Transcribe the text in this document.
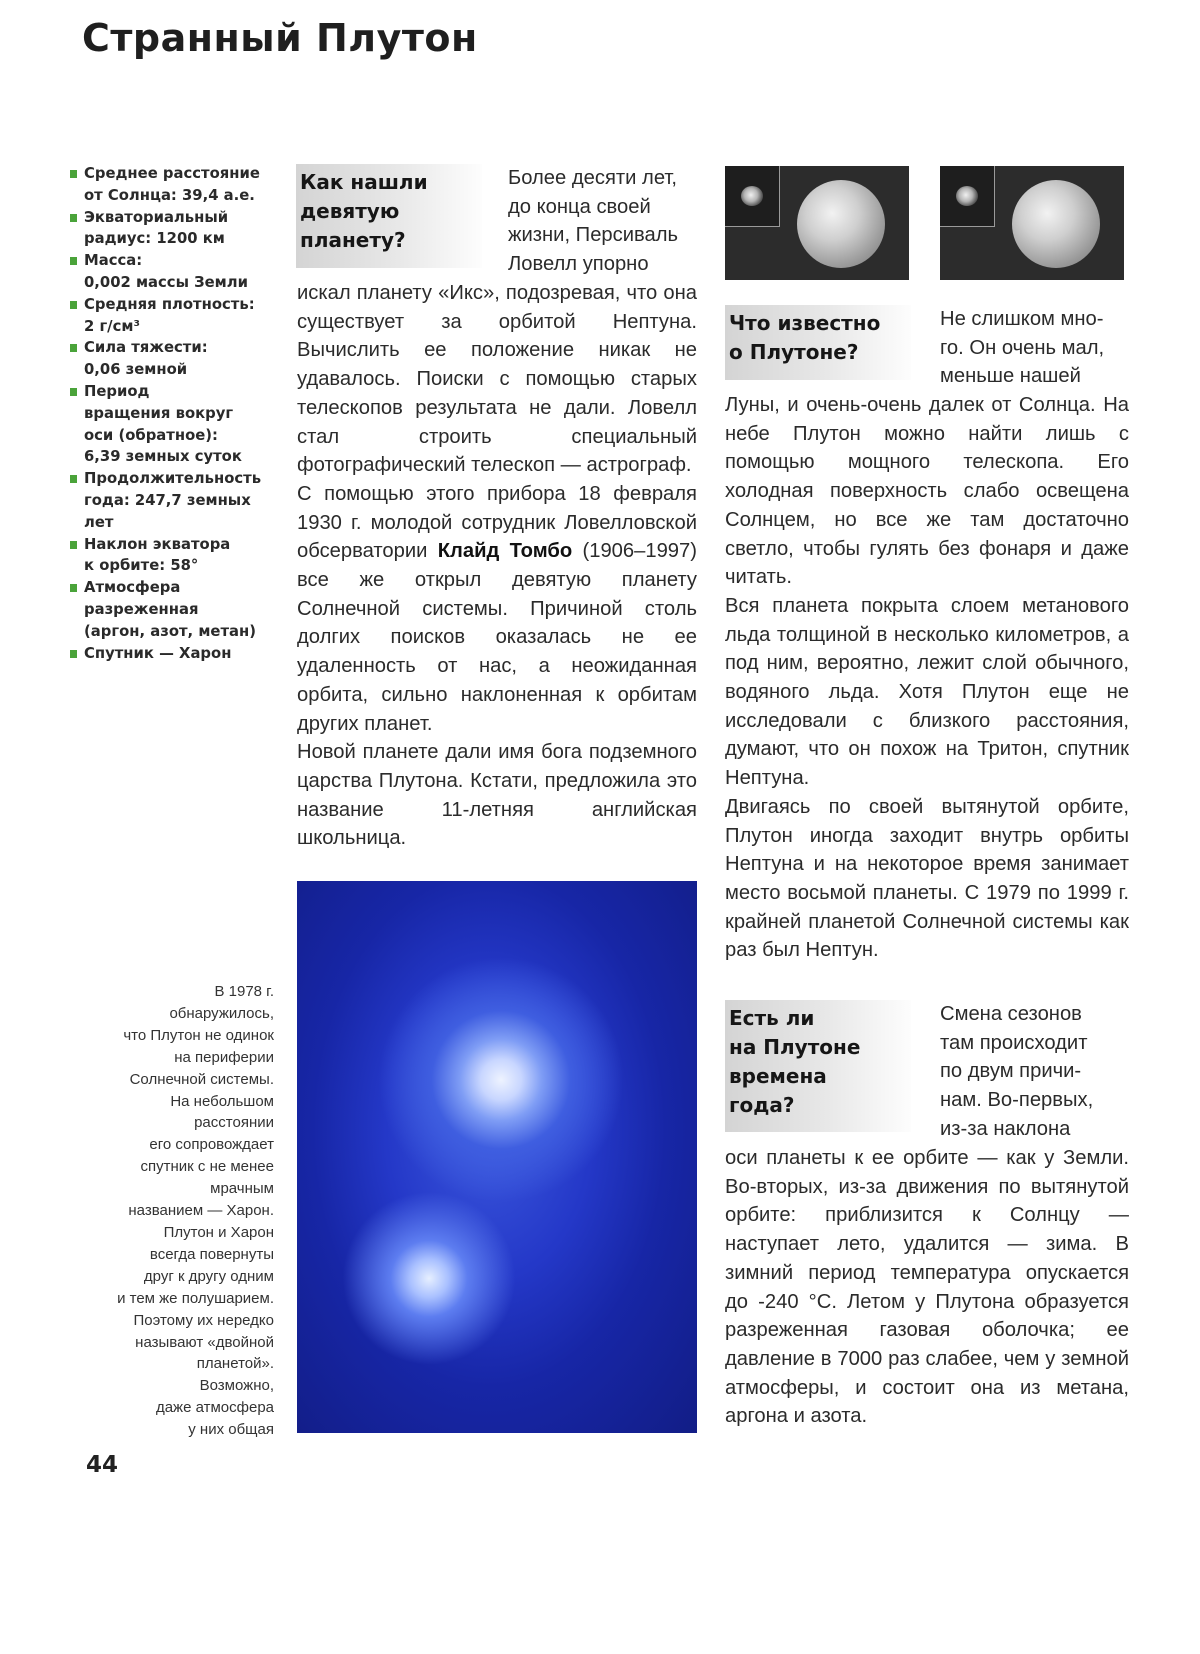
Странный Плутон
Среднее расстояние
от Солнца: 39,4 а.е.
Экваториальный
радиус: 1200 км
Масса:
0,002 массы Земли
Средняя плотность:
2 г/см³
Сила тяжести:
0,06 земной
Период
вращения вокруг
оси (обратное):
6,39 земных суток
Продолжительность
года: 247,7 земных
лет
Наклон экватора
к орбите: 58°
Атмосфера
разреженная
(аргон, азот, метан)
Спутник — Харон

В 1978 г.
обнаружилось,
что Плутон не одинок
на периферии
Солнечной системы.
На небольшом
расстоянии
его сопровождает
спутник с не менее
мрачным
названием — Харон.
Плутон и Харон
всегда повернуты
друг к другу одним
и тем же полушарием.
Поэтому их нередко
называют «двойной
планетой».
Возможно,
даже атмосфера
у них общая

44

Как нашли
девятую
планету?

Более десяти лет,

до конца своей

жизни, Персиваль

Ловелл упорно

искал планету «Икс», подозревая, что она существует за орбитой Нептуна. Вычислить ее положение никак не удавалось. Поиски с помощью старых телескопов результата не дали. Ловелл стал строить специальный фотографический телескоп — астрограф.

С помощью этого прибора 18 февраля 1930 г. молодой сотрудник Ловелловской обсерватории Клайд Томбо (1906–1997) все же открыл девятую планету Солнечной системы. Причиной столь долгих поисков оказалась не ее удаленность от нас, а неожиданная орбита, сильно наклоненная к орбитам других планет.

Новой планете дали имя бога подземного царства Плутона. Кстати, предложила это название 11-летняя английская школьница.

Что известно
о Плутоне?

Не слишком мно-

го. Он очень мал,

меньше нашей

Луны, и очень-очень далек от Солнца. На небе Плутон можно найти лишь с помощью мощного телескопа. Его холодная поверхность слабо освещена Солнцем, но все же там достаточно светло, чтобы гулять без фонаря и даже читать.

Вся планета покрыта слоем метанового льда толщиной в несколько километров, а под ним, вероятно, лежит слой обычного, водяного льда. Хотя Плутон еще не исследовали с близкого расстояния, думают, что он похож на Тритон, спутник Нептуна.

Двигаясь по своей вытянутой орбите, Плутон иногда заходит внутрь орбиты Нептуна и на некоторое время занимает место восьмой планеты. С 1979 по 1999 г. крайней планетой Солнечной системы как раз был Нептун.

Есть ли
на Плутоне
времена
года?

Смена сезонов

там происходит

по двум причи-

нам. Во-первых,

из-за наклона

оси планеты к ее орбите — как у Земли. Во-вторых, из-за движения по вытянутой орбите: приблизится к Солнцу — наступает лето, удалится — зима. В зимний период температура опускается до -240 °С. Летом у Плутона образуется разреженная газовая оболочка; ее давление в 7000 раз слабее, чем у земной атмосферы, и состоит она из метана, аргона и азота.
